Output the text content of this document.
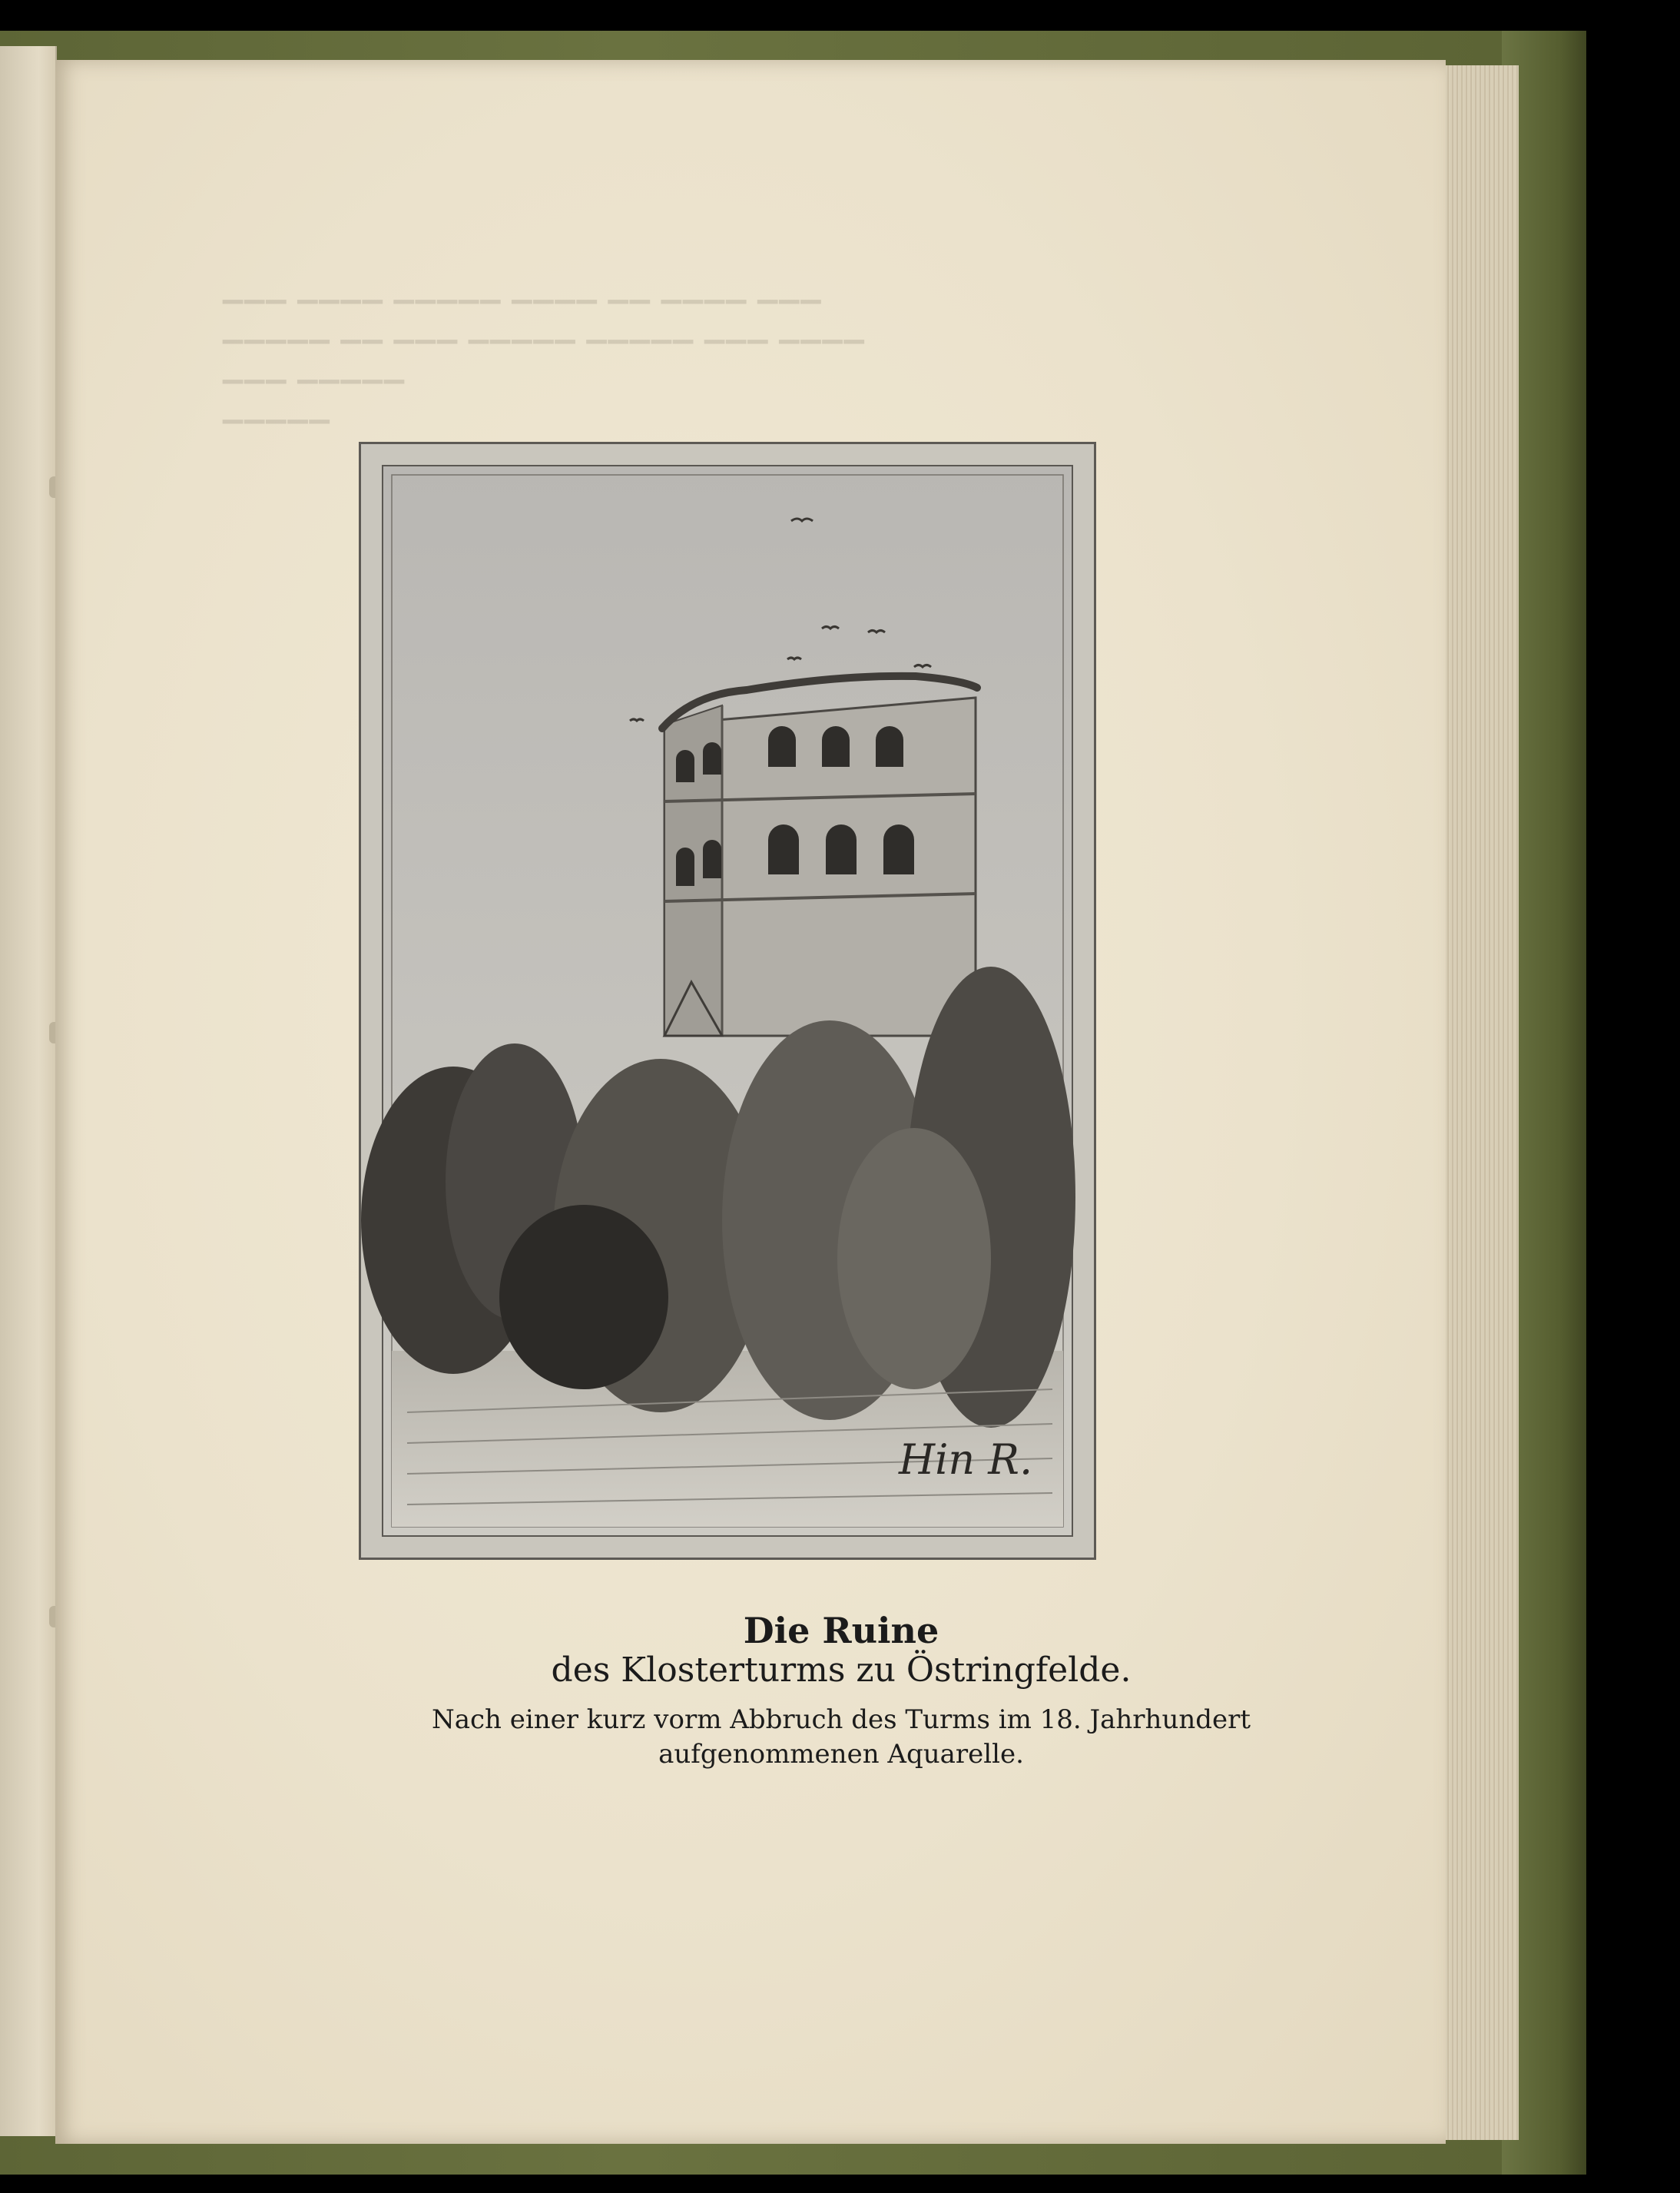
▔▔▔ ▔▔▔▔ ▔▔▔▔▔ ▔▔▔▔ ▔▔ ▔▔▔▔ ▔▔▔
▔▔▔▔▔ ▔▔ ▔▔▔ ▔▔▔▔▔ ▔▔▔▔▔ ▔▔▔ ▔▔▔▔
▔▔▔ ▔▔▔▔▔
▔▔▔▔▔
Hin R.
Die Ruine
des Klosterturms zu Östringfelde.
Nach einer kurz vorm Abbruch des Turms im 18. Jahrhundert
aufgenommenen Aquarelle.
